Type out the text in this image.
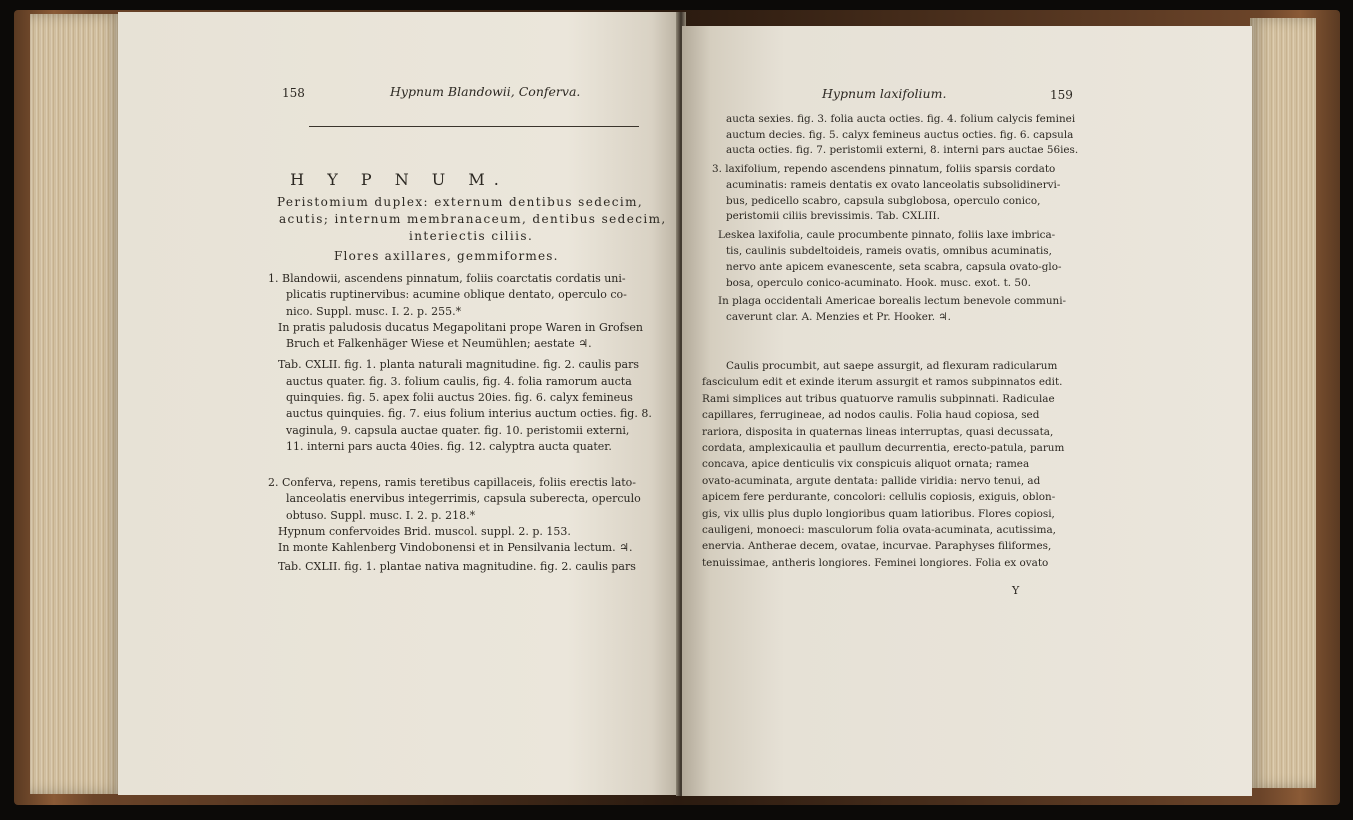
158	Hypnum Blandowii, Conferva.
H Y P N U M.
Peristomium duplex: externum dentibus sedecim,
acutis; internum membranaceum, dentibus sedecim,
interiectis ciliis.
Flores axillares, gemmiformes.
1. Blandowii, ascendens pinnatum, foliis coarctatis cordatis uni-
plicatis ruptinervibus: acumine oblique dentato, operculo co-
nico. Suppl. musc. I. 2. p. 255.*
In pratis paludosis ducatus Megapolitani prope Waren in Grofsen
Bruch et Falkenhäger Wiese et Neumühlen; aestate ♃.
Tab. CXLII. fig. 1. planta naturali magnitudine. fig. 2. caulis pars
auctus quater. fig. 3. folium caulis, fig. 4. folia ramorum aucta
quinquies. fig. 5. apex folii auctus 20ies. fig. 6. calyx femineus
auctus quinquies. fig. 7. eius folium interius auctum octies. fig. 8.
vaginula, 9. capsula auctae quater. fig. 10. peristomii externi,
11. interni pars aucta 40ies. fig. 12. calyptra aucta quater.
2. Conferva, repens, ramis teretibus capillaceis, foliis erectis lato-
lanceolatis enervibus integerrimis, capsula suberecta, operculo
obtuso. Suppl. musc. I. 2. p. 218.*
Hypnum confervoides Brid. muscol. suppl. 2. p. 153.
In monte Kahlenberg Vindobonensi et in Pensilvania lectum. ♃.
Tab. CXLII. fig. 1. plantae nativa magnitudine. fig. 2. caulis pars
Hypnum laxifolium.	159
aucta sexies. fig. 3. folia aucta octies. fig. 4. folium calycis feminei
auctum decies. fig. 5. calyx femineus auctus octies. fig. 6. capsula
aucta octies. fig. 7. peristomii externi, 8. interni pars auctae 56ies.
3. laxifolium, rependo ascendens pinnatum, foliis sparsis cordato
acuminatis: rameis dentatis ex ovato lanceolatis subsolidinervi-
bus, pedicello scabro, capsula subglobosa, operculo conico,
peristomii ciliis brevissimis. Tab. CXLIII.
Leskea laxifolia, caule procumbente pinnato, foliis laxe imbrica-
tis, caulinis subdeltoideis, rameis ovatis, omnibus acuminatis,
nervo ante apicem evanescente, seta scabra, capsula ovato-glo-
bosa, operculo conico-acuminato. Hook. musc. exot. t. 50.
In plaga occidentali Americae borealis lectum benevole communi-
caverunt clar. A. Menzies et Pr. Hooker. ♃.
Caulis procumbit, aut saepe assurgit, ad flexuram radicularum
fasciculum edit et exinde iterum assurgit et ramos subpinnatos edit.
Rami simplices aut tribus quatuorve ramulis subpinnati. Radiculae
capillares, ferrugineae, ad nodos caulis. Folia haud copiosa, sed
rariora, disposita in quaternas lineas interruptas, quasi decussata,
cordata, amplexicaulia et paullum decurrentia, erecto-patula, parum
concava, apice denticulis vix conspicuis aliquot ornata; ramea
ovato-acuminata, argute dentata: pallide viridia: nervo tenui, ad
apicem fere perdurante, concolori: cellulis copiosis, exiguis, oblon-
gis, vix ullis plus duplo longioribus quam latioribus. Flores copiosi,
cauligeni, monoeci: masculorum folia ovata-acuminata, acutissima,
enervia. Antherae decem, ovatae, incurvae. Paraphyses filiformes,
tenuissimae, antheris longiores. Feminei longiores. Folia ex ovato
Y
